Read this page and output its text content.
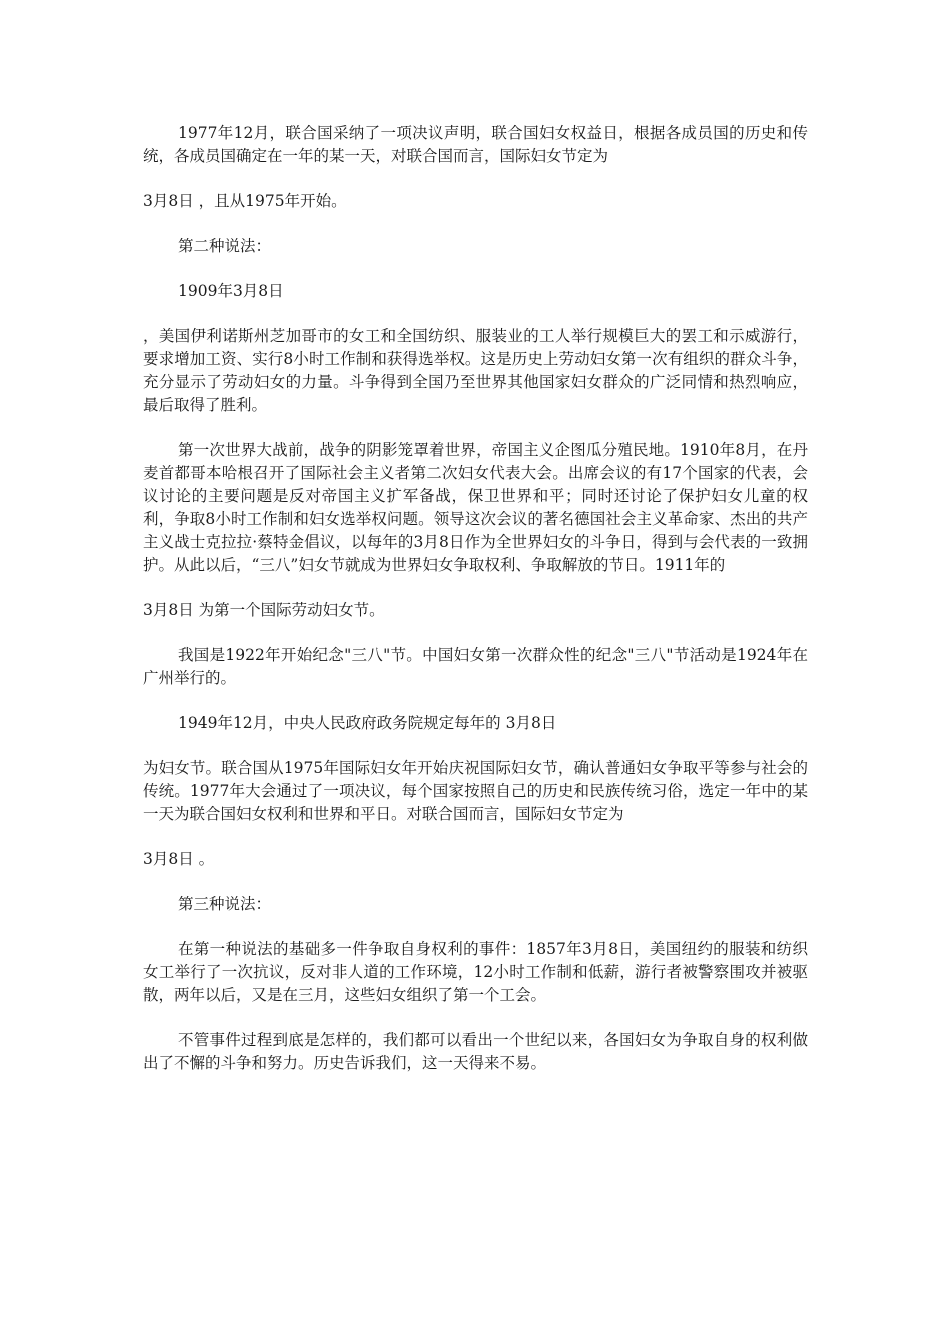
1977年12月，联合国采纳了一项决议声明，联合国妇女权益日，根据各成员国的历史和传统，各成员国确定在一年的某一天，对联合国而言，国际妇女节定为

3月8日 ，且从1975年开始。

第二种说法：

1909年3月8日

，美国伊利诺斯州芝加哥市的女工和全国纺织、服装业的工人举行规模巨大的罢工和示威游行，要求增加工资、实行8小时工作制和获得选举权。这是历史上劳动妇女第一次有组织的群众斗争，充分显示了劳动妇女的力量。斗争得到全国乃至世界其他国家妇女群众的广泛同情和热烈响应，最后取得了胜利。

第一次世界大战前，战争的阴影笼罩着世界，帝国主义企图瓜分殖民地。1910年8月，在丹麦首都哥本哈根召开了国际社会主义者第二次妇女代表大会。出席会议的有17个国家的代表，会议讨论的主要问题是反对帝国主义扩军备战，保卫世界和平；同时还讨论了保护妇女儿童的权利，争取8小时工作制和妇女选举权问题。领导这次会议的著名德国社会主义革命家、杰出的共产主义战士克拉拉·蔡特金倡议，以每年的3月8日作为全世界妇女的斗争日，得到与会代表的一致拥护。从此以后，“三八”妇女节就成为世界妇女争取权利、争取解放的节日。1911年的

3月8日 为第一个国际劳动妇女节。

我国是1922年开始纪念"三八"节。中国妇女第一次群众性的纪念"三八"节活动是1924年在广州举行的。

1949年12月，中央人民政府政务院规定每年的 3月8日

为妇女节。联合国从1975年国际妇女年开始庆祝国际妇女节，确认普通妇女争取平等参与社会的传统。1977年大会通过了一项决议，每个国家按照自己的历史和民族传统习俗，选定一年中的某一天为联合国妇女权利和世界和平日。对联合国而言，国际妇女节定为

3月8日 。

第三种说法：

在第一种说法的基础多一件争取自身权利的事件：1857年3月8日，美国纽约的服装和纺织女工举行了一次抗议，反对非人道的工作环境，12小时工作制和低薪，游行者被警察围攻并被驱散，两年以后，又是在三月，这些妇女组织了第一个工会。

不管事件过程到底是怎样的，我们都可以看出一个世纪以来，各国妇女为争取自身的权利做出了不懈的斗争和努力。历史告诉我们，这一天得来不易。
